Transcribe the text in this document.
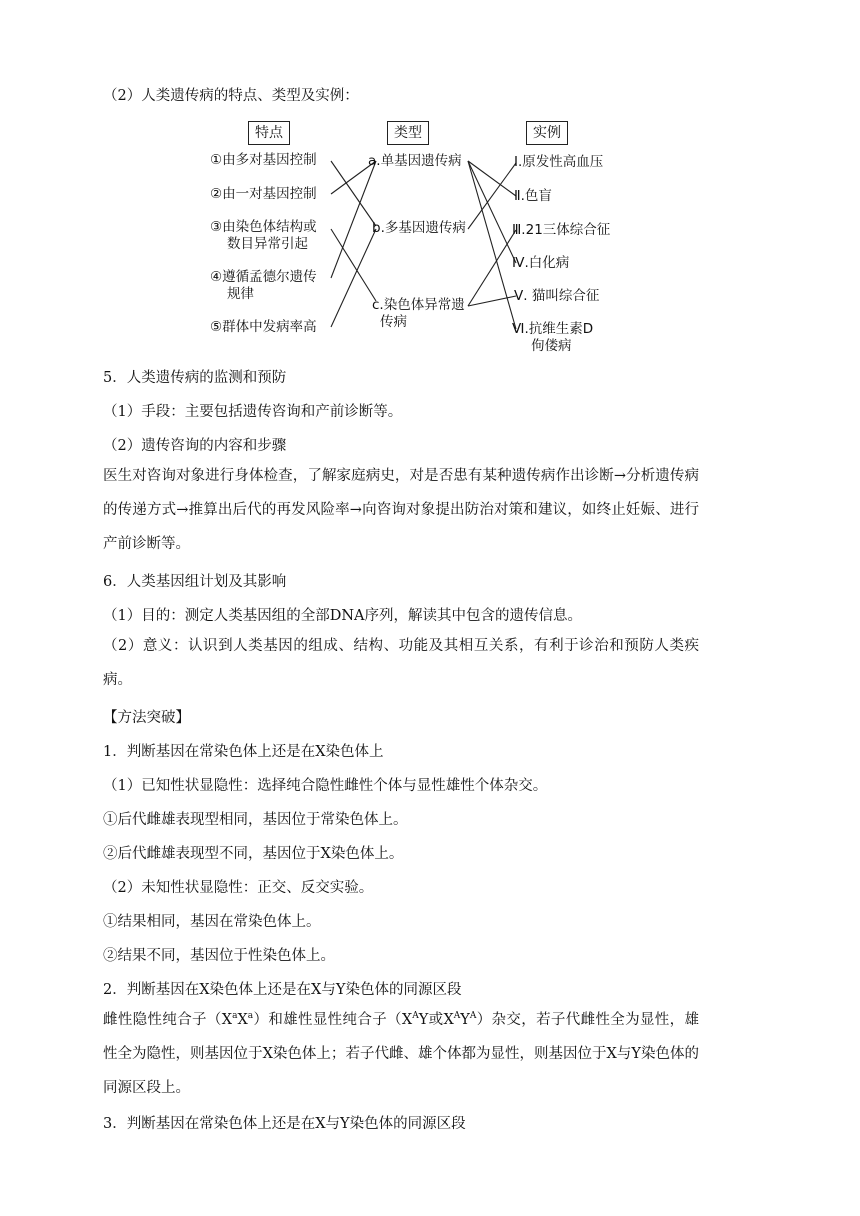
（2）人类遗传病的特点、类型及实例：
特点	类型	实例
①由多对基因控制
②由一对基因控制
③由染色体结构或
数目异常引起
④遵循孟德尔遗传
规律
⑤群体中发病率高
a.单基因遗传病
b.多基因遗传病
c.染色体异常遗
传病
Ⅰ.原发性高血压
Ⅱ.色盲
Ⅲ.21三体综合征
Ⅳ.白化病
Ⅴ. 猫叫综合征
Ⅵ.抗维生素D
佝偻病
5．人类遗传病的监测和预防
（1）手段：主要包括遗传咨询和产前诊断等。
（2）遗传咨询的内容和步骤
医生对咨询对象进行身体检查，了解家庭病史，对是否患有某种遗传病作出诊断→分析遗传病的传递方式→推算出后代的再发风险率→向咨询对象提出防治对策和建议，如终止妊娠、进行产前诊断等。
6．人类基因组计划及其影响
（1）目的：测定人类基因组的全部DNA序列，解读其中包含的遗传信息。
（2）意义：认识到人类基因的组成、结构、功能及其相互关系，有利于诊治和预防人类疾病。
【方法突破】
1．判断基因在常染色体上还是在X染色体上
（1）已知性状显隐性：选择纯合隐性雌性个体与显性雄性个体杂交。
①后代雌雄表现型相同，基因位于常染色体上。
②后代雌雄表现型不同，基因位于X染色体上。
（2）未知性状显隐性：正交、反交实验。
①结果相同，基因在常染色体上。
②结果不同，基因位于性染色体上。
2．判断基因在X染色体上还是在X与Y染色体的同源区段
雌性隐性纯合子$(X^aX^a)$和雄性显性纯合子（$X^AY$或$X^AY^A$）杂交，若子代雌性全为显性，雄性全为隐性，则基因位于X染色体上；若子代雌、雄个体都为显性，则基因位于X与Y染色体的同源区段上。
3．判断基因在常染色体上还是在X与Y染色体的同源区段
